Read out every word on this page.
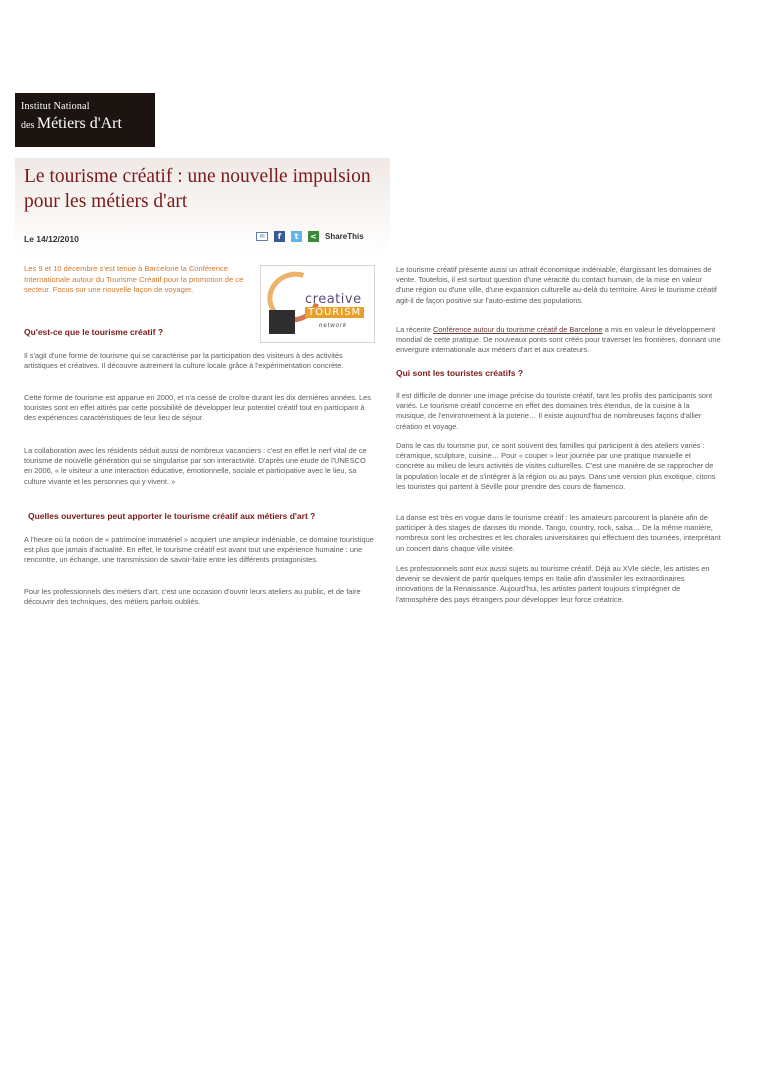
Institut National
des Métiers d'Art
Le tourisme créatif : une nouvelle impulsion pour les métiers d'art
Le 14/12/2010	✉	f	t	< ShareThis

Les 9 et 10 décembre s'est tenue à Barcelone la Conférence Internationale autour du Tourisme Créatif pour la promotion de ce secteur. Focus sur une nouvelle façon de voyager.

creative
TOURISM
network
Qu'est-ce que le tourisme créatif ?

Il s'agit d'une forme de tourisme qui se caractérise par la participation des visiteurs à des activités artistiques et créatives. Il découvre autrement la culture locale grâce à l'expérimentation concrète.

Cette forme de tourisme est apparue en 2000, et n'a cessé de croître durant les dix dernières années. Les touristes sont en effet attirés par cette possibilité de développer leur potentiel créatif tout en participant à des expériences caractéristiques de leur lieu de séjour.

La collaboration avec les résidents séduit aussi de nombreux vacanciers : c'est en effet le nerf vital de ce tourisme de nouvelle génération qui se singularise par son interactivité. D'après une étude de l'UNESCO en 2006, « le visiteur a une interaction éducative, émotionnelle, sociale et participative avec le lieu, sa culture vivante et les personnes qui y vivent. »

Quelles ouvertures peut apporter le tourisme créatif aux métiers d'art ?

A l'heure où la notion de « patrimoine immatériel » acquiert une ampleur indéniable, ce domaine touristique est plus que jamais d'actualité. En effet, le tourisme créatif est avant tout une expérience humaine : une rencontre, un échange, une transmission de savoir-faire entre les différents protagonistes.

Pour les professionnels des métiers d'art, c'est une occasion d'ouvrir leurs ateliers au public, et de faire découvrir des techniques, des métiers parfois oubliés.

Le tourisme créatif présente aussi un attrait économique indéniable, élargissant les domaines de vente. Toutefois, il est surtout question d'une véracité du contact humain, de la mise en valeur d'une région ou d'une ville, d'une expansion culturelle au-delà du territoire. Ainsi le tourisme créatif agit-il de façon positive sur l'auto-estime des populations.

La récente Conférence autour du tourisme créatif de Barcelone a mis en valeur le développement mondial de cette pratique. De nouveaux ponts sont créés pour traverser les frontières, donnant une envergure internationale aux métiers d'art et aux créateurs.

Qui sont les touristes créatifs ?

Il est difficile de donner une image précise du touriste créatif, tant les profils des participants sont variés. Le tourisme créatif concerne en effet des domaines très étendus, de la cuisine à la musique, de l'environnement à la poterie… Il existe aujourd'hui de nombreuses façons d'allier création et voyage.

Dans le cas du tourisme pur, ce sont souvent des familles qui participent à des ateliers variés : céramique, sculpture, cuisine… Pour « couper » leur journée par une pratique manuelle et concrète au milieu de leurs activités de visites culturelles. C'est une manière de se rapprocher de la population locale et de s'intégrer à la région ou au pays. Dans une version plus exotique, citons les touristes qui partent à Séville pour prendre des cours de flamenco.

La danse est très en vogue dans le tourisme créatif : les amateurs parcourent la planète afin de participer à des stages de danses du monde. Tango, country, rock, salsa… De la même manière, nombreux sont les orchestres et les chorales universitaires qui effectuent des tournées, interprétant un concert dans chaque ville visitée.

Les professionnels sont eux aussi sujets au tourisme créatif. Déjà au XVIe siècle, les artistes en devenir se devaient de partir quelques temps en Italie afin d'assimiler les extraordinaires innovations de la Renaissance. Aujourd'hui, les artistes partent toujours s'imprégner de l'atmosphère des pays étrangers pour développer leur force créatrice.
